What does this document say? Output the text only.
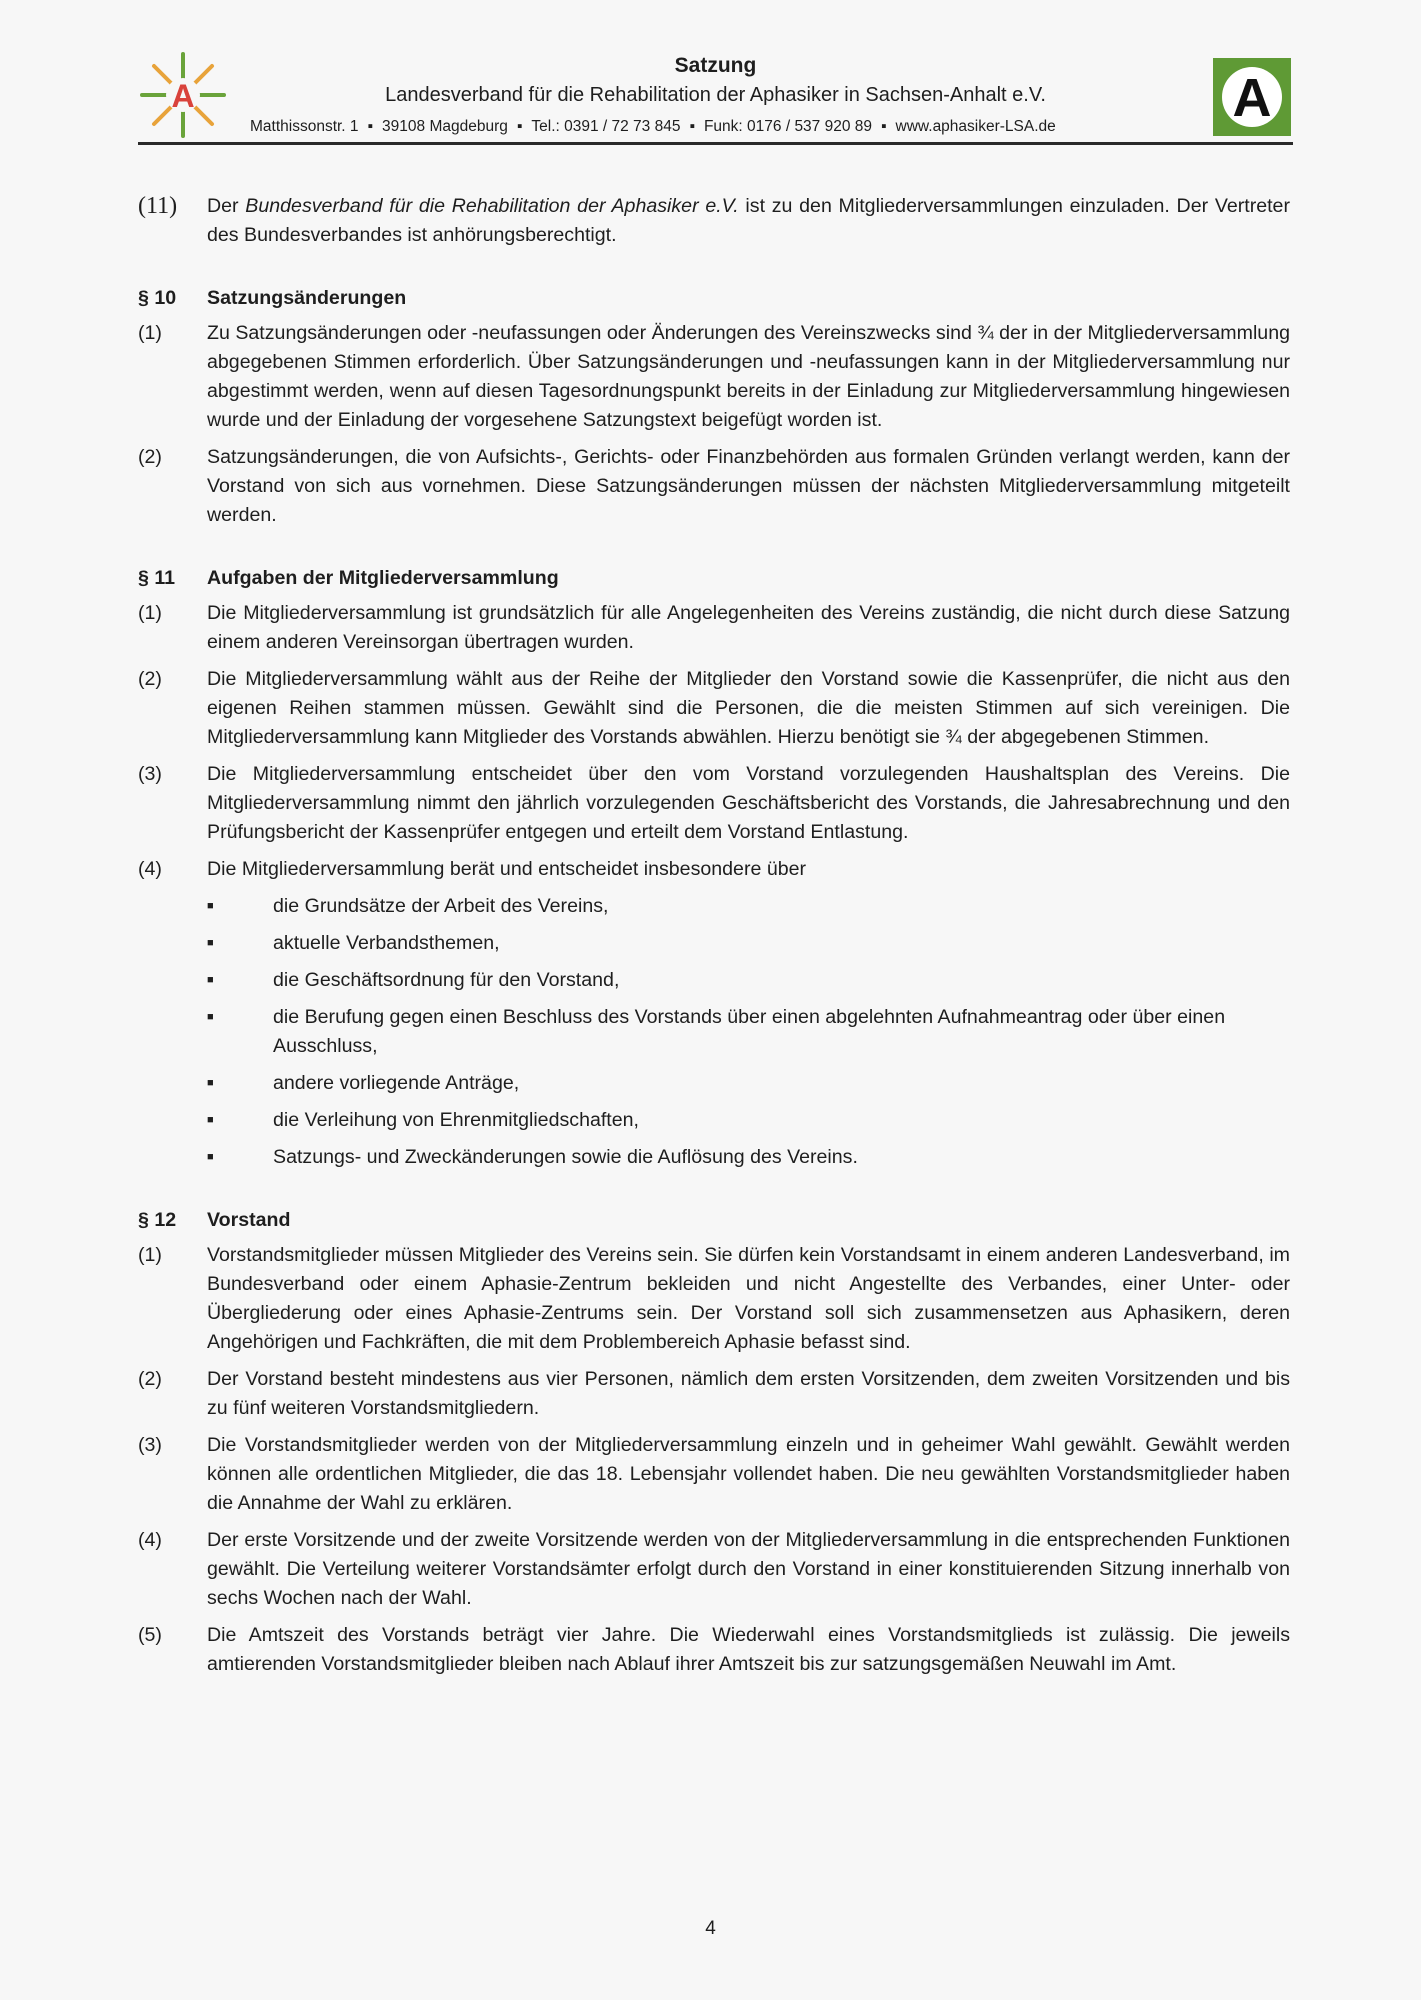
A
Satzung
Landesverband für die Rehabilitation der Aphasiker in Sachsen-Anhalt e.V.
Matthissonstr. 1 ▪ 39108 Magdeburg ▪ Tel.: 0391 / 72 73 845 ▪ Funk: 0176 / 537 920 89 ▪ www.aphasiker-LSA.de	A
(11)	Der Bundesverband für die Rehabilitation der Aphasiker e.V. ist zu den Mitgliederversammlungen einzuladen. Der Vertreter des Bundesverbandes ist anhörungsberechtigt.
§ 10	Satzungsänderungen
(1)	Zu Satzungsänderungen oder -neufassungen oder Änderungen des Vereinszwecks sind ¾ der in der Mitgliederversammlung abgegebenen Stimmen erforderlich. Über Satzungsänderungen und -neufassungen kann in der Mitgliederversammlung nur abgestimmt werden, wenn auf diesen Tagesordnungspunkt bereits in der Einladung zur Mitgliederversammlung hingewiesen wurde und der Einladung der vorgesehene Satzungstext beigefügt worden ist.
(2)	Satzungsänderungen, die von Aufsichts-, Gerichts- oder Finanzbehörden aus formalen Gründen verlangt werden, kann der Vorstand von sich aus vornehmen. Diese Satzungsänderungen müssen der nächsten Mitgliederversammlung mitgeteilt werden.
§ 11	Aufgaben der Mitgliederversammlung
(1)	Die Mitgliederversammlung ist grundsätzlich für alle Angelegenheiten des Vereins zuständig, die nicht durch diese Satzung einem anderen Vereinsorgan übertragen wurden.
(2)	Die Mitgliederversammlung wählt aus der Reihe der Mitglieder den Vorstand sowie die Kassenprüfer, die nicht aus den eigenen Reihen stammen müssen. Gewählt sind die Personen, die die meisten Stimmen auf sich vereinigen. Die Mitgliederversammlung kann Mitglieder des Vorstands abwählen. Hierzu benötigt sie ¾ der abgegebenen Stimmen.
(3)	Die Mitgliederversammlung entscheidet über den vom Vorstand vorzulegenden Haushaltsplan des Vereins. Die Mitgliederversammlung nimmt den jährlich vorzulegenden Geschäftsbericht des Vorstands, die Jahresabrechnung und den Prüfungsbericht der Kassenprüfer entgegen und erteilt dem Vorstand Entlastung.
(4)	Die Mitgliederversammlung berät und entscheidet insbesondere über
■	die Grundsätze der Arbeit des Vereins,
■	aktuelle Verbandsthemen,
■	die Geschäftsordnung für den Vorstand,
■	die Berufung gegen einen Beschluss des Vorstands über einen abgelehnten Aufnahmeantrag oder über einen Ausschluss,
■	andere vorliegende Anträge,
■	die Verleihung von Ehrenmitgliedschaften,
■	Satzungs- und Zweckänderungen sowie die Auflösung des Vereins.
§ 12	Vorstand
(1)	Vorstandsmitglieder müssen Mitglieder des Vereins sein. Sie dürfen kein Vorstandsamt in einem anderen Landesverband, im Bundesverband oder einem Aphasie-Zentrum bekleiden und nicht Angestellte des Verbandes, einer Unter- oder Übergliederung oder eines Aphasie-Zentrums sein. Der Vorstand soll sich zusammensetzen aus Aphasikern, deren Angehörigen und Fachkräften, die mit dem Problembereich Aphasie befasst sind.
(2)	Der Vorstand besteht mindestens aus vier Personen, nämlich dem ersten Vorsitzenden, dem zweiten Vorsitzenden und bis zu fünf weiteren Vorstandsmitgliedern.
(3)	Die Vorstandsmitglieder werden von der Mitgliederversammlung einzeln und in geheimer Wahl gewählt. Gewählt werden können alle ordentlichen Mitglieder, die das 18. Lebensjahr vollendet haben. Die neu gewählten Vorstandsmitglieder haben die Annahme der Wahl zu erklären.
(4)	Der erste Vorsitzende und der zweite Vorsitzende werden von der Mitgliederversammlung in die entsprechenden Funktionen gewählt. Die Verteilung weiterer Vorstandsämter erfolgt durch den Vorstand in einer konstituierenden Sitzung innerhalb von sechs Wochen nach der Wahl.
(5)	Die Amtszeit des Vorstands beträgt vier Jahre. Die Wiederwahl eines Vorstandsmitglieds ist zulässig. Die jeweils amtierenden Vorstandsmitglieder bleiben nach Ablauf ihrer Amtszeit bis zur satzungsgemäßen Neuwahl im Amt.
4
